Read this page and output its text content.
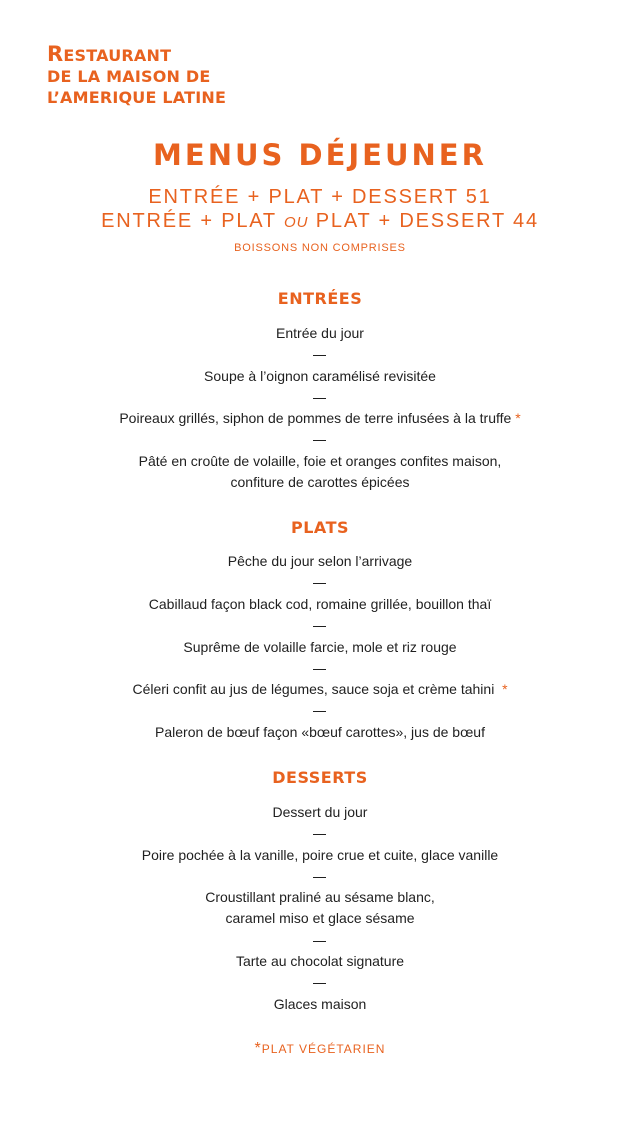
RESTAURANT
DE LA MAISON DE
L’AMERIQUE LATINE
MENUS DÉJEUNER
ENTRÉE + PLAT + DESSERT 51
ENTRÉE + PLAT OU PLAT + DESSERT 44
BOISSONS NON COMPRISES
ENTRÉES
Entrée du jour
Soupe à l’oignon caramélisé revisitée
Poireaux grillés, siphon de pommes de terre infusées à la truffe *
Pâté en croûte de volaille, foie et oranges confites maison,
confiture de carottes épicées
PLATS
Pêche du jour selon l’arrivage
Cabillaud façon black cod, romaine grillée, bouillon thaï
Suprême de volaille farcie, mole et riz rouge
Céleri confit au jus de légumes, sauce soja et crème tahini *
Paleron de bœuf façon «bœuf carottes», jus de bœuf
DESSERTS
Dessert du jour
Poire pochée à la vanille, poire crue et cuite, glace vanille
Croustillant praliné au sésame blanc,
caramel miso et glace sésame
Tarte au chocolat signature
Glaces maison
*PLAT VÉGÉTARIEN
